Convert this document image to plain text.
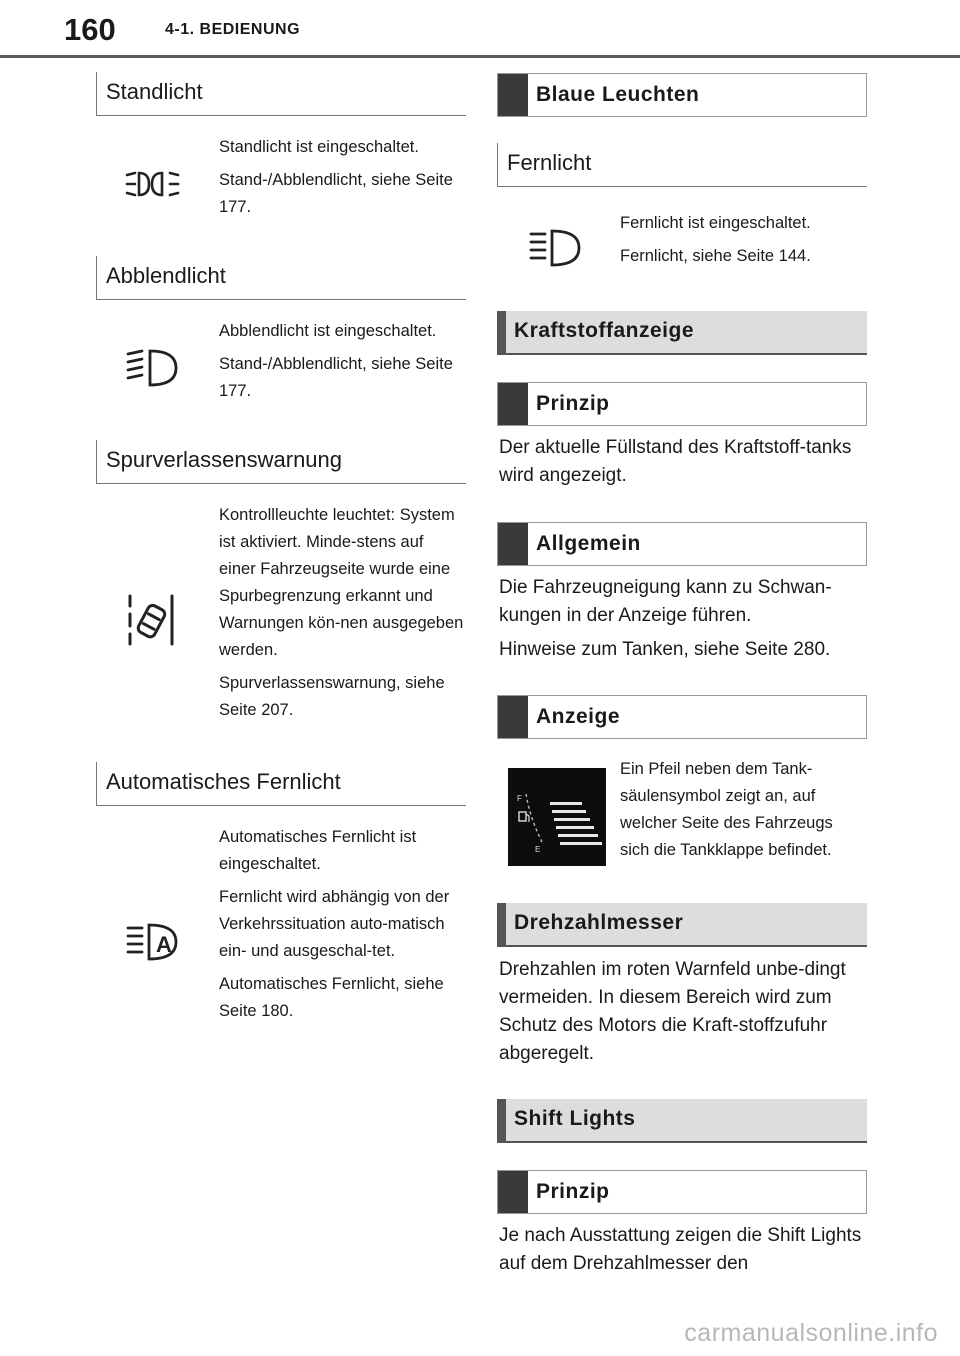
160	4-1. BEDIENUNG
Standlicht

Standlicht ist eingeschaltet.

Stand-/Abblendlicht, siehe Seite 177.

Abblendlicht

Abblendlicht ist eingeschaltet.

Stand-/Abblendlicht, siehe Seite 177.

Spurverlassenswarnung

Kontrollleuchte leuchtet: System ist aktiviert. Minde-stens auf einer Fahrzeugseite wurde eine Spurbegrenzung erkannt und Warnungen kön-nen ausgegeben werden.

Spurverlassenswarnung, siehe Seite 207.

Automatisches Fernlicht
A

Automatisches Fernlicht ist eingeschaltet.

Fernlicht wird abhängig von der Verkehrssituation auto-matisch ein- und ausgeschal-tet.

Automatisches Fernlicht, siehe Seite 180.

Blaue Leuchten
Fernlicht

Fernlicht ist eingeschaltet.

Fernlicht, siehe Seite 144.

Kraftstoffanzeige
Prinzip

Der aktuelle Füllstand des Kraftstoff-tanks wird angezeigt.

Allgemein

Die Fahrzeugneigung kann zu Schwan-kungen in der Anzeige führen.

Hinweise zum Tanken, siehe Seite 280.

Anzeige
F
E

Ein Pfeil neben dem Tank-säulensymbol zeigt an, auf welcher Seite des Fahrzeugs sich die Tankklappe befindet.

Drehzahlmesser

Drehzahlen im roten Warnfeld unbe-dingt vermeiden. In diesem Bereich wird zum Schutz des Motors die Kraft-stoffzufuhr abgeregelt.

Shift Lights
Prinzip

Je nach Ausstattung zeigen die Shift Lights auf dem Drehzahlmesser den

carmanualsonline.info
